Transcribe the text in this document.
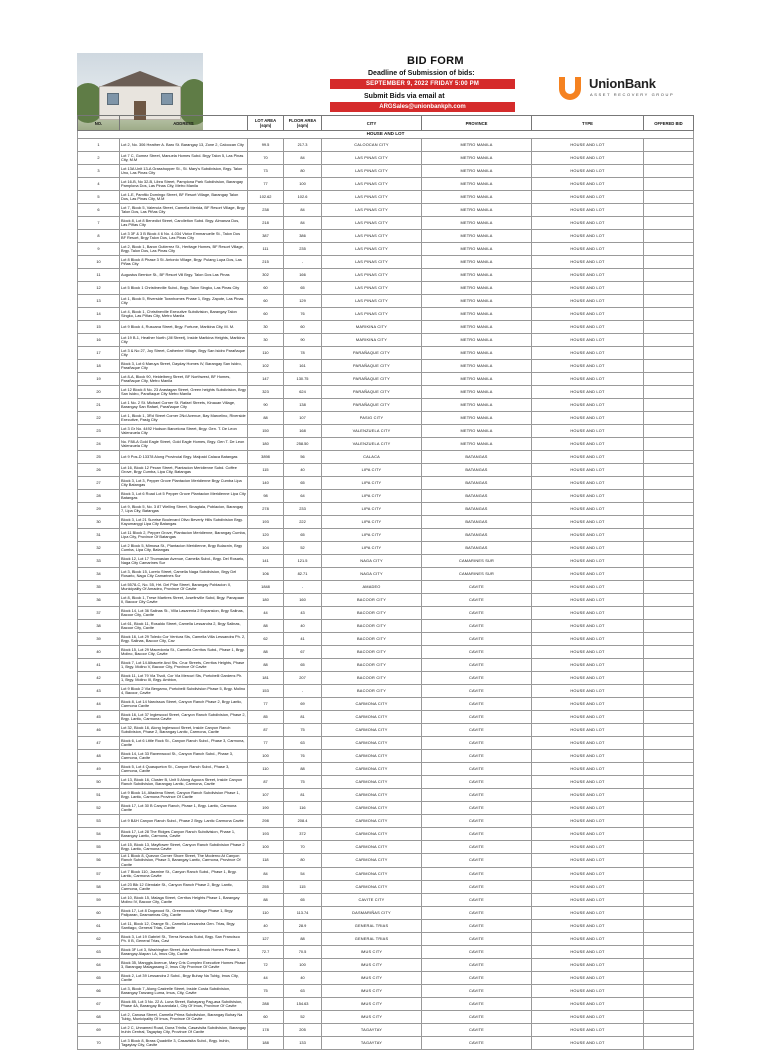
BID FORM
Deadline of Submission of bids:
SEPTEMBER 9, 2022 FRIDAY 5:00 PM
Submit Bids via email at
ARGSales@unionbankph.com
UnionBank
ASSET RECOVERY GROUP
NO.	ADDRESS	LOT AREA (sqm)	FLOOR AREA (sqm)	CITY	PROVINCE	TYPE	OFFERED BID
HOUSE AND LOT							
1	Lot 2, No. 306 Heather A. Baro St. Barangay 13, Zone 2, Caloocan City	99.5	217.3	CALOOCAN CITY	METRO MANILA	HOUSE AND LOT	
2	Lot 7 C, Gomez Street, Manuela Homes Subd. Brgy Talon 5, Las Pinas City, M.M	70	84	LAS PINAS CITY	METRO MANILA	HOUSE AND LOT	
3	Lot 13A Unit 13-A Grasshopper St., St. Mary's Subdivision, Brgy. Talon Uno, Las Pinas City	73	80	LAS PINAS CITY	METRO MANILA	HOUSE AND LOT	
4	Lot 16-B, No 32-B, Libra Street, Pamplona Park Subdivision, Barangay Pamplona Dos, Las Pinas City, Metro Manila	77	100	LAS PINAS CITY	METRO MANILA	HOUSE AND LOT	
5	Lot 1-E, Pamfilo Domingo Street, BF Resort Village, Barangay Talon Dos, Las Pinas City, M.M	102.62	102.6	LAS PINAS CITY	METRO MANILA	HOUSE AND LOT	
6	Lot 7, Block 5, Valencia Street, Camella Merida, BF Resort Village, Brgy Talon Dos, Las Piñas City	238	84	LAS PINAS CITY	METRO MANILA	HOUSE AND LOT	
7	Block 8, Lot 8 Benedict Street, Carollelton Subd. Brgy. Almanza Dos, Las Piñas City	218	84	LAS PINAS CITY	METRO MANILA	HOUSE AND LOT	
8	Lot 3 3F & 3 B Block 4 6 No. 4-034 Victor Emmanuelle St., Talon Dos BF Resort, Brgy Talon Dos, Las Pinas City	387	386	LAS PINAS CITY	METRO MANILA	HOUSE AND LOT	
9	Lot 2, Block 1, Baron Gutierrez St., Heritage Homes, BF Resort Village, Brgy. Talon Dos, Las Pinas City	111	235	LAS PINAS CITY	METRO MANILA	HOUSE AND LOT	
10	Lot 8 Block 8 Phase 3 St. Antonio Village, Brgy. Pulang Lupa Dos, Las Piñas City	215	-	LAS PINAS CITY	METRO MANILA	HOUSE AND LOT	
11	Augustus Bernice St., BF Resort Vill Brgy. Talon Dos Las Pinas	302	166	LAS PINAS CITY	METRO MANILA	HOUSE AND LOT	
12	Lot 5 Block 1 Christineville Subd., Brgy. Talon Singko, Las Pinas City	60	65	LAS PINAS CITY	METRO MANILA	HOUSE AND LOT	
13	Lot 1, Block 5, Riverside Townhomes Phase 1, Brgy. Zapote, Las Pinas City	60	129	LAS PINAS CITY	METRO MANILA	HOUSE AND LOT	
14	Lot 4, Block 1, Christineville Executive Subdivision, Barangay Talon Singko, Las Piñas City, Metro Manila	60	76	LAS PINAS CITY	METRO MANILA	HOUSE AND LOT	
15	Lot 9 Block 4, Ruscana Street, Brgy. Fortune, Marikina City, M. M.	30	60	MARIKINA CITY	METRO MANILA	HOUSE AND LOT	
16	Lot 19 B-1, Heather North (Jill Street), Inside Marikina Heights, Marikina City	30	90	MARIKINA CITY	METRO MANILA	HOUSE AND LOT	
17	Lot 3 & No 27, Joy Street, Catherine Village, Brgy San Isidro Parañaque City	110	78	PARAÑAQUE CITY	METRO MANILA	HOUSE AND LOT	
18	Block 3, Lot 6 Maruya Street, Dayday Homes IV, Barangay San Isidro, Parañaque City	102	161	PARAÑAQUE CITY	METRO MANILA	HOUSE AND LOT	
19	Lot 8-A, Block 90, Heidelberg Street, BF Northwest, BF Homes, Parañaque City, Metro Manila	147	130.75	PARAÑAQUE CITY	METRO MANILA	HOUSE AND LOT	
20	Lot 12 Block 8 No. 23 Arastagan Street, Green heights Subdivision, Brgy San Isidro, Parañaque City Metro Manila	323	624	PARAÑAQUE CITY	METRO MANILA	HOUSE AND LOT	
21	Lot 1 No. 2 St. Michael Corner St. Rafael Streets, Kinauan Village, Barangay San Rafael, Parañaque City	90	138	PARAÑAQUE CITY	METRO MANILA	HOUSE AND LOT	
22	Lot 1, Block 1, 3Rd Street Corner 2Nd Avenue, Bay Marcelino, Riverside Executive, Pasig City	88	107	PASIG CITY	METRO MANILA	HOUSE AND LOT	
23	Lot 3 Gr No. 4492 Hudson Barcelona Street, Brgy. Gen. T. De Leon Valenzuela City	150	168	VALENZUELA CITY	METRO MANILA	HOUSE AND LOT	
24	No. F88-A Gold Eagle Street, Gold Eagle Homes, Brgy. Gen T. De Leon Valenzuela City	180	258.50	VALENZUELA CITY	METRO MANILA	HOUSE AND LOT	
25	Lot 9 Pos-D 13378 Along Provincial Brgy. Malpaid Calaca Batangas	3898	56	CALACA	BATANGAS	HOUSE AND LOT	
26	Lot 16, Block 12 Pecan Street, Plantacion Meridienne Subd. Coffee Grove, Brgy Cumba, Lipa City, Batangas	115	40	LIPA CITY	BATANGAS	HOUSE AND LOT	
27	Block 3, Lot 3, Pepper Grove Plantacion Meridienne Brgy Cumba Lipa City Batangas	140	65	LIPA CITY	BATANGAS	HOUSE AND LOT	
28	Block 3, Lot 6 Road Lot 5 Pepper Grove Plantacion Meridienne Lipa City Batangas	98	64	LIPA CITY	BATANGAS	HOUSE AND LOT	
29	Lot 9, Block 5, No. 3 87 Welling Street, Sinagtala, Poblacion, Barangay 7, Lipa City, Batangas	278	233	LIPA CITY	BATANGAS	HOUSE AND LOT	
30	Block 3, Lot 21 Sunrise Boulevard Olivo Beverly Hills Subdivision Brgy. Kayumanggi Lipa City Batangas	193	222	LIPA CITY	BATANGAS	HOUSE AND LOT	
31	Lot 11 Block 2, Pepper Grove, Plantacion Meridienne, Barangay Cumba, Lipa City, Province Of Batangas	120	65	LIPA CITY	BATANGAS	HOUSE AND LOT	
32	Lot 2 Block 5, Mimosa St., Plantacion Meridienne, Brgy Bulacnin, Brgy Cumba, Lipa City, Batangas	104	52	LIPA CITY	BATANGAS	HOUSE AND LOT	
33	Block 12, Lot 17 Thomasian Avenue, Camella Subd., Brgy. Del Rosario, Naga City Camarines Sur	141	121.5	NAGA CITY	CAMARINES SUR	HOUSE AND LOT	
34	Lot 3, Block 15, Loreto Street, Camella Naga Subdivision, Brgy Del Rosario, Naga City Camarines Sur	106	82.71	NAGA CITY	CAMARINES SUR	HOUSE AND LOT	
35	Lot 5578-C, No. 55, Hrt. Del Pilar Street, Barangay Poblacion II, Municipality Of Amadeo, Province Of Cavite	1848	-	AMADEO	CAVITE	HOUSE AND LOT	
36	Lot 8, Block 1, Trese Martires Street, Josefinville Subd, Brgy. Panapaan II, Bacoor City Cavite	180	160	BACOOR CITY	CAVITE	HOUSE AND LOT	
37	Block 14, Lot 36 Salinas St., Villa Lasarenia 2 Expansion, Brgy Salinas, Bacoor City, Cavite	44	43	BACOOR CITY	CAVITE	HOUSE AND LOT	
38	Lot 61, Block 11, Rosaldo Street, Camella Lessandra 2, Brgy Salinas, Bacoor City, Cavite	88	40	BACOOR CITY	CAVITE	HOUSE AND LOT	
39	Block 16, Lot 29 Toledo Cor Ventura Sts, Camella Villa Lessandra Ph. 2, Brgy. Salinas, Bacoor City, Cav	62	41	BACOOR CITY	CAVITE	HOUSE AND LOT	
40	Block 15, Lot 29 Macedonia St., Camella Cerritos Subd., Phase 1, Brgy. Molino, Bacoor City, Cavite	88	67	BACOOR CITY	CAVITE	HOUSE AND LOT	
41	Block 7, Lot 14 Albacete And Sts. Cruz Streets, Cerritos Heights, Phase 1, Brgy. Molino V, Bacoor City, Province Of Cavite	88	65	BACOOR CITY	CAVITE	HOUSE AND LOT	
42	Block 11, Lot 79 Via Tivoli, Cor Via Mercuri Sts, Portobelli Gardens Ph. 1, Brgy. Molino III, Brgy. Ambion,	181	207	BACOOR CITY	CAVITE	HOUSE AND LOT	
43	Lot 9 Block 2 Via Bergamo, Portobelli Subdivision Phase 5, Brgy. Molino 4, Bacoor, Cavite	153	-	BACOOR CITY	CAVITE	HOUSE AND LOT	
44	Block 8, Lot 14 Narcissus Street, Canyon Ranch Phase 2, Brgy Lantic, Carmona Cavite	77	69	CARMONA CITY	CAVITE	HOUSE AND LOT	
45	Block 16, Lot 37 Inglewood Street, Canyon Ranch Subdivision, Phase 2, Brgy. Lantic, Carmona Cavite	85	81	CARMONA CITY	CAVITE	HOUSE AND LOT	
46	Lot 32, Block 16, Along Inglewood Street, Inside Canyon Ranch Subdivision, Phase 2, Barangay Lantic, Carmona, Cavite	87	75	CARMONA CITY	CAVITE	HOUSE AND LOT	
47	Block 6, Lot 6 Little Rock St., Canyon Ranch Subd., Phase 3, Carmona, Cavite	77	63	CARMONA CITY	CAVITE	HOUSE AND LOT	
48	Block 14, Lot 33 Ravenwood St., Canyon Ranch Subd., Phase 3, Carmona, Cavite	100	76	CARMONA CITY	CAVITE	HOUSE AND LOT	
49	Block 5, Lot 4 Quasqueton St., Canyon Ranch Subd., Phase 3, Carmona, Cavite	110	88	CARMONA CITY	CAVITE	HOUSE AND LOT	
50	Lot 13, Block 16, Cluster B, Unit 5 Along Agoura Street, Inside Canyon Ranch Subdivision, Barangay Lantic, Carmona, Cavite	87	75	CARMONA CITY	CAVITE	HOUSE AND LOT	
51	Lot 9 Block 14, Altadena Street, Canyon Ranch Subdivision Phase 1, Brgy. Lantic, Carmona Province Of Cavite	107	81	CARMONA CITY	CAVITE	HOUSE AND LOT	
52	Block 17, Lot 30 B Canyon Ranch, Phase 1, Brgy. Lantic, Carmona Cavite	190	116	CARMONA CITY	CAVITE	HOUSE AND LOT	
53	Lot 9 B&H Canyon Ranch Subd., Phase 2 Brgy. Lantic Carmona Cavite	298	208.4	CARMONA CITY	CAVITE	HOUSE AND LOT	
54	Block 17, Lot 28 The Ridges Canyon Ranch Subdivision, Phase 1, Barangay Lantic, Carmona, Cavite	193	372	CARMONA CITY	CAVITE	HOUSE AND LOT	
55	Lot 15, Block 13, Mayflower Street, Canyon Ranch Subdivision Phase 2 Brgy. Lantic, Carmona Cavite	100	70	CARMONA CITY	CAVITE	HOUSE AND LOT	
56	Lot 1 Block 8, Quezon Corner Shore Street, The Moderno At Canyon Ranch Subdivision, Phase 3, Barangay Lantic, Carmona, Province Of Cavite	118	80	CARMONA CITY	CAVITE	HOUSE AND LOT	
57	Lot 7 Block 110, Jasmine St., Canyon Ranch Subd., Phase 1, Brgy. Lantic, Carmona Cavite	84	54	CARMONA CITY	CAVITE	HOUSE AND LOT	
58	Lot 23 Blk 12 Glendale St., Canyon Ranch Phase 2, Brgy. Lantic, Carmona, Cavite	255	115	CARMONA CITY	CAVITE	HOUSE AND LOT	
59	Lot 10, Block 15, Malaga Street, Cerritos Heights Phase 1, Barangay Molino IV, Bacoor City, Cavite	88	65	CAVITE CITY	CAVITE	HOUSE AND LOT	
60	Block 17, Lot 8 Dogwood St., Greenwoods Village Phase 1, Brgy. Paliparan, Dasmarinas City, Cavite	110	113.74	DASMARIÑAS CITY	CAVITE	HOUSE AND LOT	
61	Lot 11, Block 12, Orange St., Camella Lessandra Gen. Trias, Brgy. Santiago, General Trias, Cavite	40	28.9	GENERAL TRIAS	CAVITE	HOUSE AND LOT	
62	Block 3, Lot 19 Gabriel St., Tierra Nevada Subd, Brgy. San Francisco Ph. II B, General Trias, Cavi	127	88	GENERAL TRIAS	CAVITE	HOUSE AND LOT	
63	Block 3F Lot 3, Washington Street, Avia Woodbrook Homes Phase 3, Barangay Alapan I-A, Imus City, Cavite	72.7	70.5	IMUS CITY	CAVITE	HOUSE AND LOT	
64	Block 35, Manggis Avenue, Mary Cris Complex Executive Homes Phase 3, Barangay Malagasang 2, Imus City Province Of Cavite	72	100	IMUS CITY	CAVITE	HOUSE AND LOT	
65	Block 2, Lot 39 Lessandra 2 Subd., Brgy Buhay Na Tubig, Imus City, Cavite	44	40	IMUS CITY	CAVITE	HOUSE AND LOT	
66	Lot 3, Block 7, Along Castrelle Street, Inside Costa Subdivision, Barangay Tanzang Luma, Imus, City, Cavite	75	63	IMUS CITY	CAVITE	HOUSE AND LOT	
67	Block 85, Lot 3 No. 22 A. Luna Street, Bahayang Pag-asa Subdivision, Phase 4A, Barangay Bucandala I, City Of Imus, Province Of Cavite	288	154.63	IMUS CITY	CAVITE	HOUSE AND LOT	
68	Lot 2, Canosa Street, Camella Prima Subdivision, Barangay Buhay Na Tubig, Municipality Of Imus, Province Of Cavite	60	52	IMUS CITY	CAVITE	HOUSE AND LOT	
69	Lot 2 C, Unnamed Road, Dona Trinita, Casavisita Subdivision, Barangay Iruhin Central, Tagaytay City, Province Of Cavite	178	205	TAGAYTAY	CAVITE	HOUSE AND LOT	
70	Lot 3 Block 8, Brass Quadrille 3, Casavisita Subd., Brgy. Iruhin, Tagaytay City, Cavite	188	133	TAGAYTAY	CAVITE	HOUSE AND LOT	
